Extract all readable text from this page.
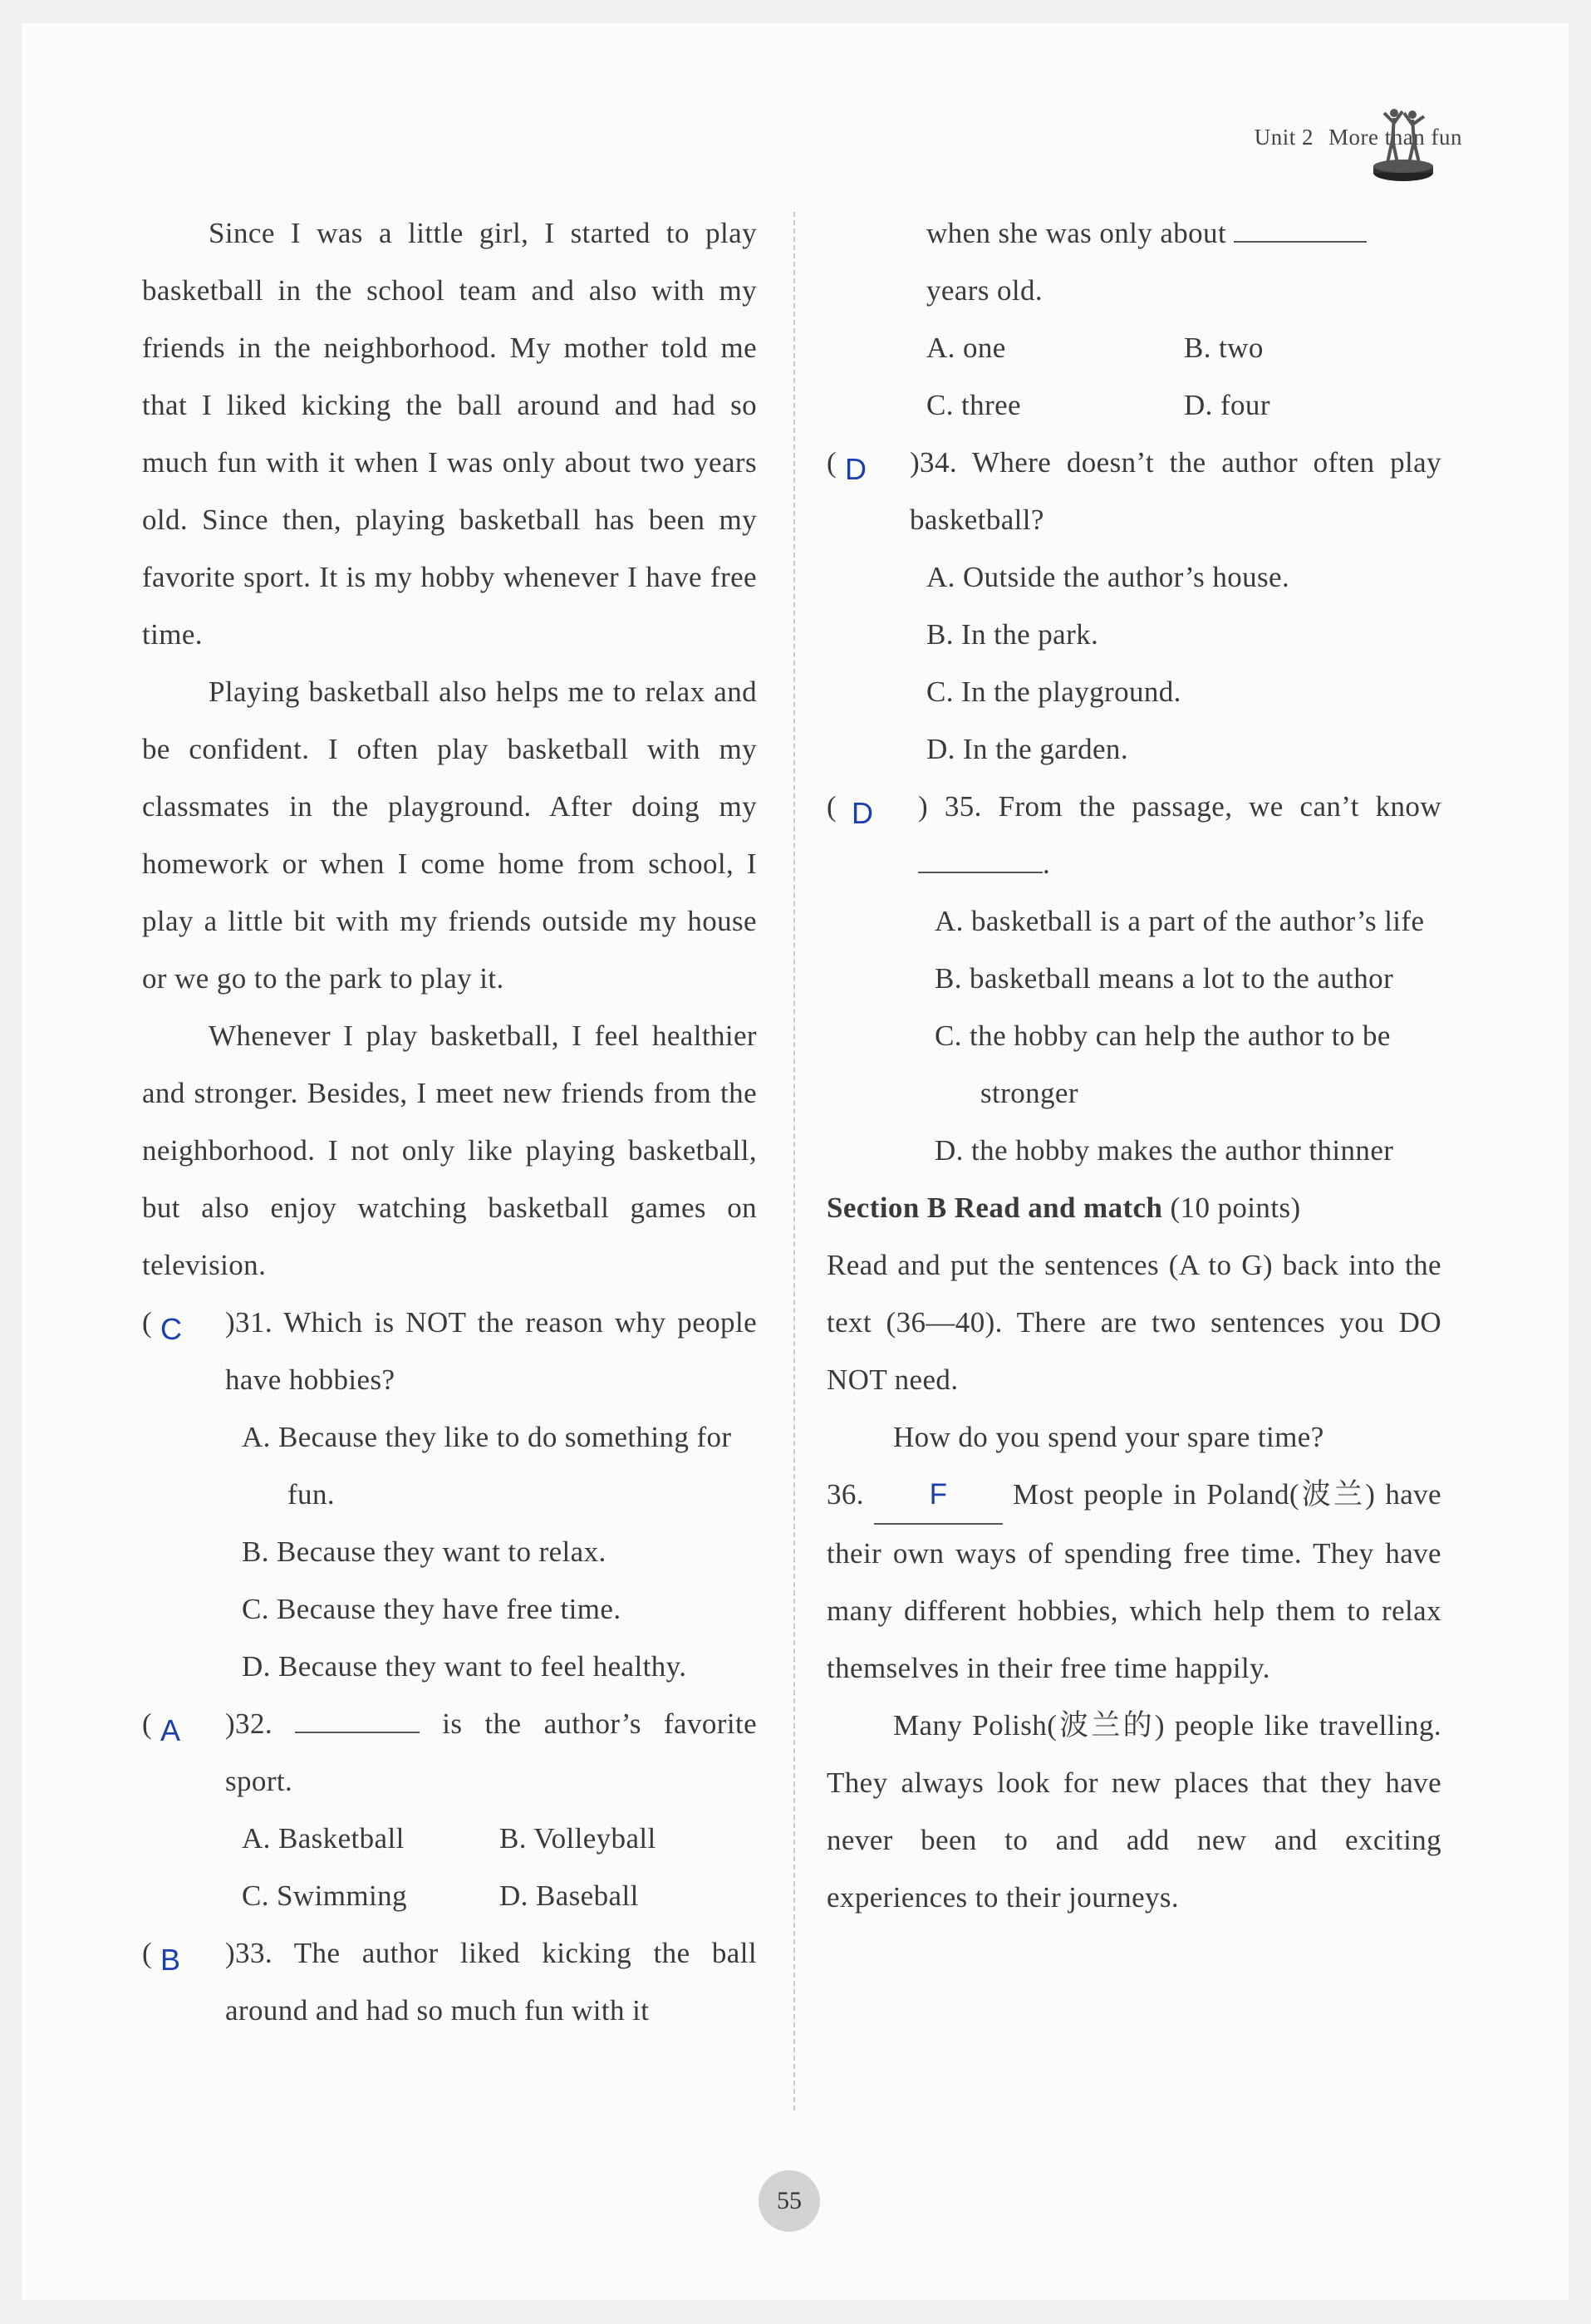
Unit 2 More than fun

Since I was a little girl, I started to play basketball in the school team and also with my friends in the neighborhood. My mother told me that I liked kicking the ball around and had so much fun with it when I was only about two years old. Since then, playing basketball has been my favorite sport. It is my hobby whenever I have free time.

Playing basketball also helps me to relax and be confident. I often play basketball with my classmates in the playground. After doing my homework or when I come home from school, I play a little bit with my friends outside my house or we go to the park to play it.

Whenever I play basketball, I feel healthier and stronger. Besides, I meet new friends from the neighborhood. I not only like playing basketball, but also enjoy watching basketball games on television.

( C )31. Which is NOT the reason why people have hobbies?

A. Because they like to do something for fun.
B. Because they want to relax.
C. Because they have free time.
D. Because they want to feel healthy.
( A )32.	is the author’s favorite sport.

A. Basketball	B. Volleyball
C. Swimming	D. Baseball
( B )33. The author liked kicking the ball around and had so much fun with it

when she was only about

years old.
A. one	B. two
C. three	D. four
( D )34. Where doesn’t the author often play basketball?

A. Outside the author’s house.
B. In the park.
C. In the playground.
D. In the garden.
( D ) 35. From the passage, we can’t know .

A. basketball is a part of the author’s life
B. basketball means a lot to the author
C. the hobby can help the author to be stronger
D. the hobby makes the author thinner
Section B Read and match (10 points)

Read and put the sentences (A to G) back into the text (36—40). There are two sentences you DO NOT need.

How do you spend your spare time?

36. F Most people in Poland(波兰) have their own ways of spending free time. They have many different hobbies, which help them to relax themselves in their free time happily.

Many Polish(波兰的) people like travelling. They always look for new places that they have never been to and add new and exciting experiences to their journeys.

55
